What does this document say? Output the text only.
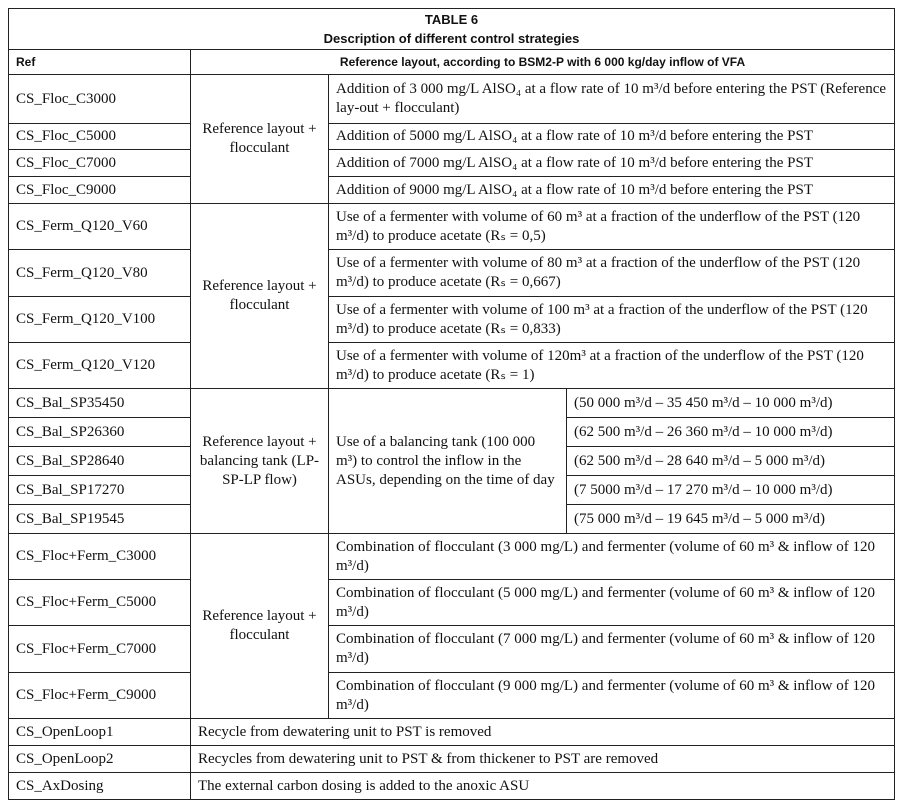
TABLE 6
Description of different control strategies			

Ref	Reference layout, according to BSM2-P with 6 000 kg/day inflow of VFA		
CS_Floc_C3000	Reference layout + flocculant	Addition of 3 000 mg/L AlSO₄ at a flow rate of 10 m³/d before entering the PST (Reference lay-out + flocculant)	
CS_Floc_C5000		Addition of 5000 mg/L AlSO₄ at a flow rate of 10 m³/d before entering the PST	
CS_Floc_C7000		Addition of 7000 mg/L AlSO₄ at a flow rate of 10 m³/d before entering the PST	
CS_Floc_C9000		Addition of 9000 mg/L AlSO₄ at a flow rate of 10 m³/d before entering the PST	
CS_Ferm_Q120_V60	Reference layout + flocculant	Use of a fermenter with volume of 60 m³ at a fraction of the underflow of the PST (120 m³/d) to produce acetate (Rₛ = 0,5)	
CS_Ferm_Q120_V80		Use of a fermenter with volume of 80 m³ at a fraction of the underflow of the PST (120 m³/d) to produce acetate (Rₛ = 0,667)	
CS_Ferm_Q120_V100		Use of a fermenter with volume of 100 m³ at a fraction of the underflow of the PST (120 m³/d) to produce acetate (Rₛ = 0,833)	
CS_Ferm_Q120_V120		Use of a fermenter with volume of 120m³ at a fraction of the underflow of the PST (120 m³/d) to produce acetate (Rₛ = 1)	
CS_Bal_SP35450	Reference layout + balancing tank (LP-SP-LP flow)	Use of a balancing tank (100 000 m³) to control the inflow in the ASUs, depending on the time of day	(50 000 m³/d – 35 450 m³/d – 10 000 m³/d)
CS_Bal_SP26360			(62 500 m³/d – 26 360 m³/d – 10 000 m³/d)
CS_Bal_SP28640			(62 500 m³/d – 28 640 m³/d – 5 000 m³/d)
CS_Bal_SP17270			(7 5000 m³/d – 17 270 m³/d – 10 000 m³/d)
CS_Bal_SP19545			(75 000 m³/d – 19 645 m³/d – 5 000 m³/d)
CS_Floc+Ferm_C3000	Reference layout + flocculant	Combination of flocculant (3 000 mg/L) and fermenter (volume of 60 m³ & inflow of 120 m³/d)	
CS_Floc+Ferm_C5000		Combination of flocculant (5 000 mg/L) and fermenter (volume of 60 m³ & inflow of 120 m³/d)	
CS_Floc+Ferm_C7000		Combination of flocculant (7 000 mg/L) and fermenter (volume of 60 m³ & inflow of 120 m³/d)	
CS_Floc+Ferm_C9000		Combination of flocculant (9 000 mg/L) and fermenter (volume of 60 m³ & inflow of 120 m³/d)	
CS_OpenLoop1	Recycle from dewatering unit to PST is removed		
CS_OpenLoop2	Recycles from dewatering unit to PST & from thickener to PST are removed		
CS_AxDosing	The external carbon dosing is added to the anoxic ASU		
